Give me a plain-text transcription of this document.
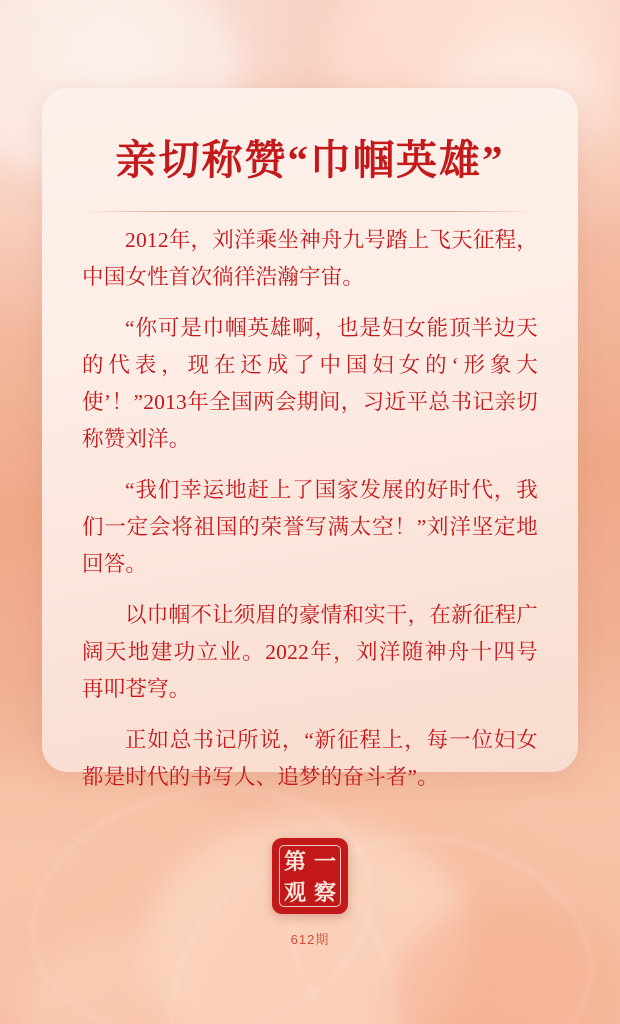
亲切称赞“巾帼英雄”

2012年，刘洋乘坐神舟九号踏上飞天征程，中国女性首次徜徉浩瀚宇宙。

“你可是巾帼英雄啊，也是妇女能顶半边天的代表，现在还成了中国妇女的‘形象大使’！”2013年全国两会期间，习近平总书记亲切称赞刘洋。

“我们幸运地赶上了国家发展的好时代，我们一定会将祖国的荣誉写满太空！”刘洋坚定地回答。

以巾帼不让须眉的豪情和实干，在新征程广阔天地建功立业。2022年，刘洋随神舟十四号再叩苍穹。

正如总书记所说，“新征程上，每一位妇女都是时代的书写人、追梦的奋斗者”。

第 一
观 察
612期
